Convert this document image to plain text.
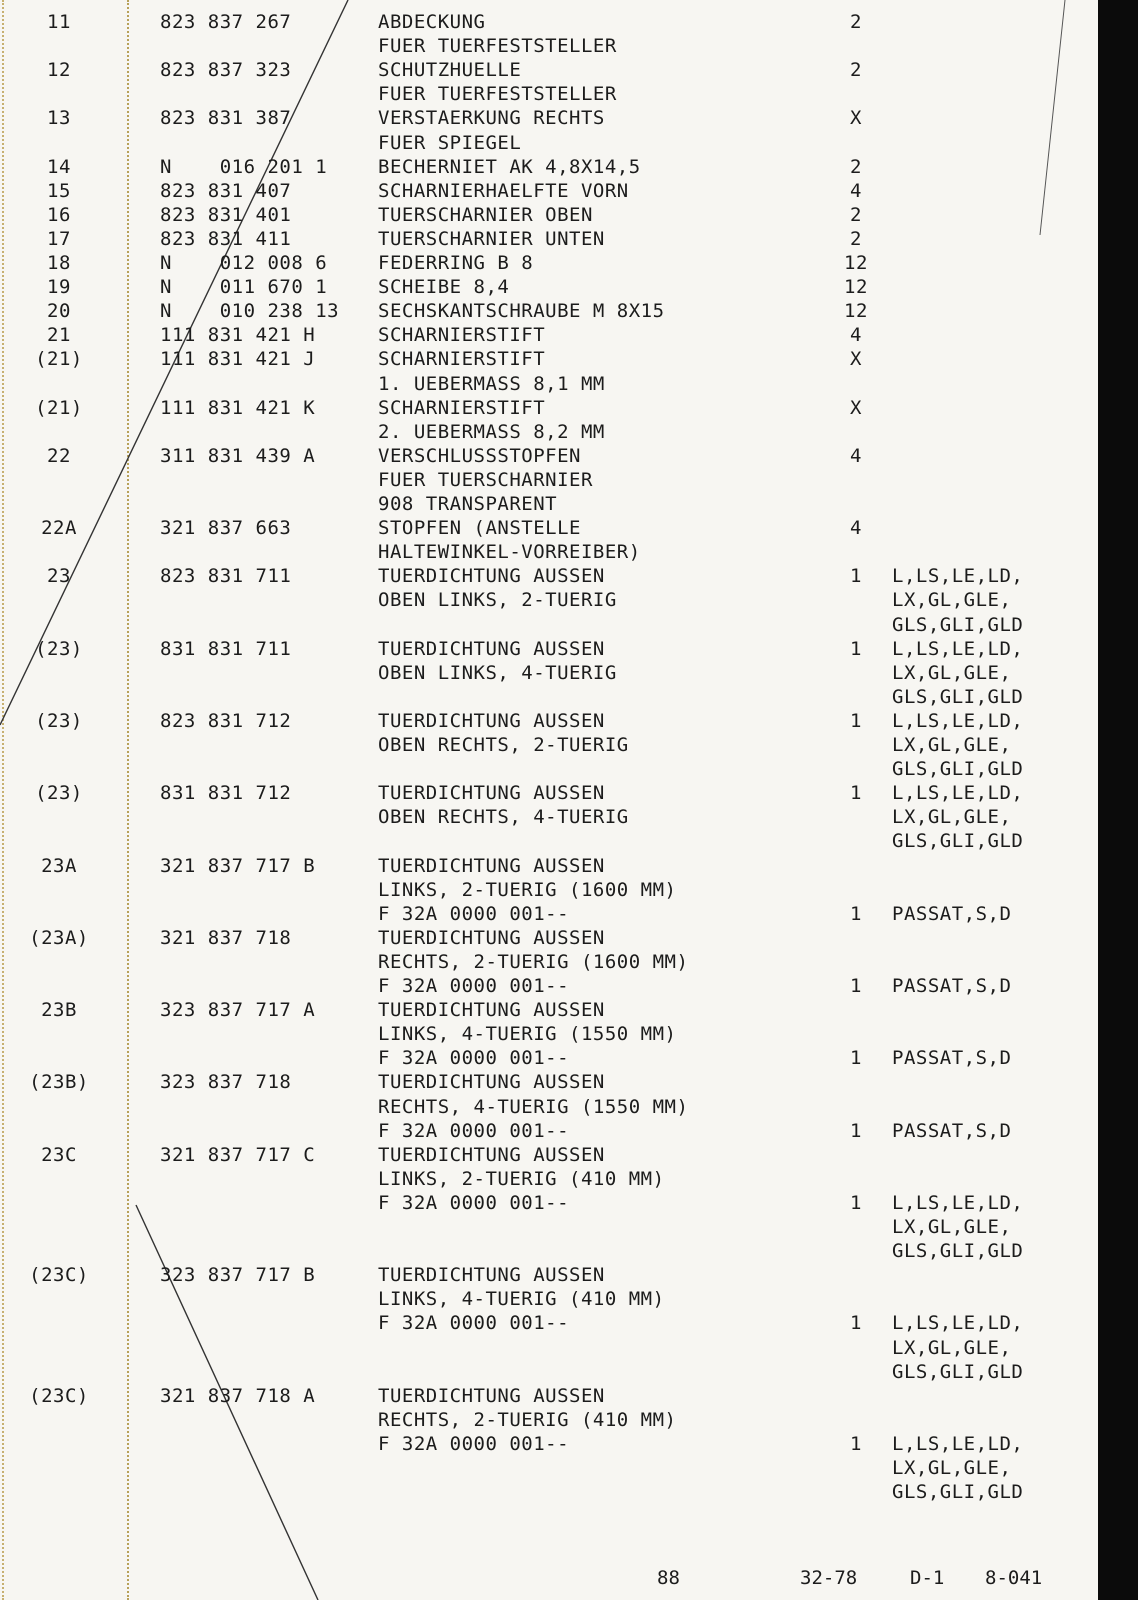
11	823 837 267	ABDECKUNG	2
FUER TUERFESTSTELLER
12	823 837 323	SCHUTZHUELLE	2
FUER TUERFESTSTELLER
13	823 831 387	VERSTAERKUNG RECHTS	X
FUER SPIEGEL
14	N    016 201 1	BECHERNIET AK 4,8X14,5	2
15	823 831 407	SCHARNIERHAELFTE VORN	4
16	823 831 401	TUERSCHARNIER OBEN	2
17	823 831 411	TUERSCHARNIER UNTEN	2
18	N    012 008 6	FEDERRING B 8	12
19	N    011 670 1	SCHEIBE 8,4	12
20	N    010 238 13 SECHSKANTSCHRAUBE M 8X15	12
21	111 831 421 H	SCHARNIERSTIFT	4
(21)	111 831 421 J	SCHARNIERSTIFT	X
1. UEBERMASS 8,1 MM
(21)	111 831 421 K	SCHARNIERSTIFT	X
2. UEBERMASS 8,2 MM
22	311 831 439 A	VERSCHLUSSSTOPFEN	4
FUER TUERSCHARNIER
908 TRANSPARENT
22A	321 837 663	STOPFEN (ANSTELLE	4
HALTEWINKEL-VORREIBER)
23	823 831 711	TUERDICHTUNG AUSSEN	1	L,LS,LE,LD,
OBEN LINKS, 2-TUERIG	LX,GL,GLE,
GLS,GLI,GLD
(23)	831 831 711	TUERDICHTUNG AUSSEN	1	L,LS,LE,LD,
OBEN LINKS, 4-TUERIG	LX,GL,GLE,
GLS,GLI,GLD
(23)	823 831 712	TUERDICHTUNG AUSSEN	1	L,LS,LE,LD,
OBEN RECHTS, 2-TUERIG	LX,GL,GLE,
GLS,GLI,GLD
(23)	831 831 712	TUERDICHTUNG AUSSEN	1	L,LS,LE,LD,
OBEN RECHTS, 4-TUERIG	LX,GL,GLE,
GLS,GLI,GLD
23A	321 837 717 B	TUERDICHTUNG AUSSEN
LINKS, 2-TUERIG (1600 MM)
F 32A 0000 001--	1	PASSAT,S,D
(23A)	321 837 718	TUERDICHTUNG AUSSEN
RECHTS, 2-TUERIG (1600 MM)
F 32A 0000 001--	1	PASSAT,S,D
23B	323 837 717 A	TUERDICHTUNG AUSSEN
LINKS, 4-TUERIG (1550 MM)
F 32A 0000 001--	1	PASSAT,S,D
(23B)	323 837 718	TUERDICHTUNG AUSSEN
RECHTS, 4-TUERIG (1550 MM)
F 32A 0000 001--	1	PASSAT,S,D
23C	321 837 717 C	TUERDICHTUNG AUSSEN
LINKS, 2-TUERIG (410 MM)
F 32A 0000 001--	1	L,LS,LE,LD,
LX,GL,GLE,
GLS,GLI,GLD
(23C)	323 837 717 B	TUERDICHTUNG AUSSEN
LINKS, 4-TUERIG (410 MM)
F 32A 0000 001--	1	L,LS,LE,LD,
LX,GL,GLE,
GLS,GLI,GLD
(23C)	321 837 718 A	TUERDICHTUNG AUSSEN
RECHTS, 2-TUERIG (410 MM)
F 32A 0000 001--	1	L,LS,LE,LD,
LX,GL,GLE,
GLS,GLI,GLD
88	32-78	D-1 8-041
